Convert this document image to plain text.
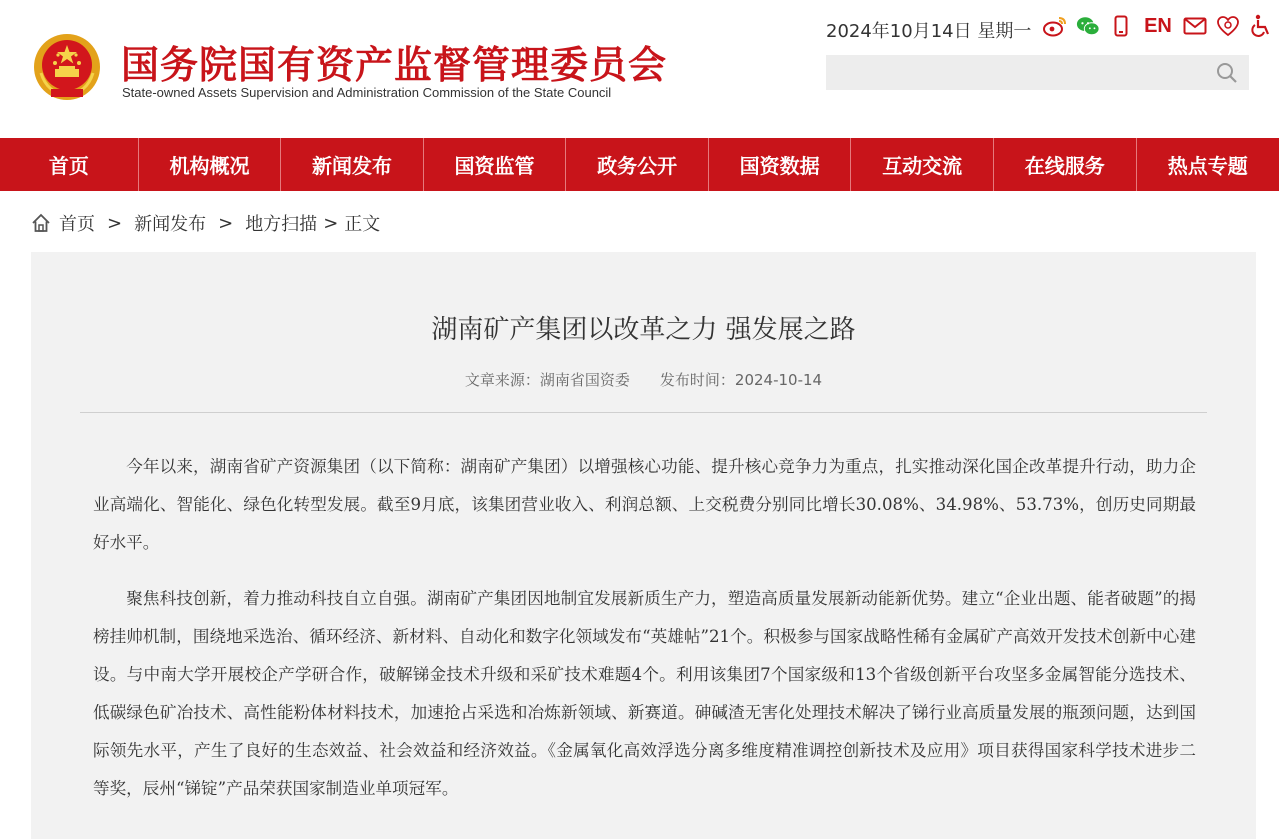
国务院国有资产监督管理委员会
State-owned Assets Supervision and Administration Commission of the State Council
2024年10月14日 星期一	EN
首页	机构概况	新闻发布	国资监管	政务公开	国资数据	互动交流	在线服务	热点专题
首页 > 新闻发布 > 地方扫描 > 正文
湖南矿产集团以改革之力 强发展之路
文章来源：湖南省国资委 发布时间：2024-10-14

今年以来，湖南省矿产资源集团（以下简称：湖南矿产集团）以增强核心功能、提升核心竞争力为重点，扎实推动深化国企改革提升行动，助力企业高端化、智能化、绿色化转型发展。截至9月底，该集团营业收入、利润总额、上交税费分别同比增长30.08%、34.98%、53.73%，创历史同期最好水平。

聚焦科技创新，着力推动科技自立自强。湖南矿产集团因地制宜发展新质生产力，塑造高质量发展新动能新优势。建立“企业出题、能者破题”的揭榜挂帅机制，围绕地采选治、循环经济、新材料、自动化和数字化领域发布“英雄帖”21个。积极参与国家战略性稀有金属矿产高效开发技术创新中心建设。与中南大学开展校企产学研合作，破解锑金技术升级和采矿技术难题4个。利用该集团7个国家级和13个省级创新平台攻坚多金属智能分选技术、低碳绿色矿冶技术、高性能粉体材料技术，加速抢占采选和冶炼新领域、新赛道。砷碱渣无害化处理技术解决了锑行业高质量发展的瓶颈问题，达到国际领先水平，产生了良好的生态效益、社会效益和经济效益。《金属氧化高效浮选分离多维度精准调控创新技术及应用》项目获得国家科学技术进步二等奖，辰州“锑锭”产品荣获国家制造业单项冠军。
